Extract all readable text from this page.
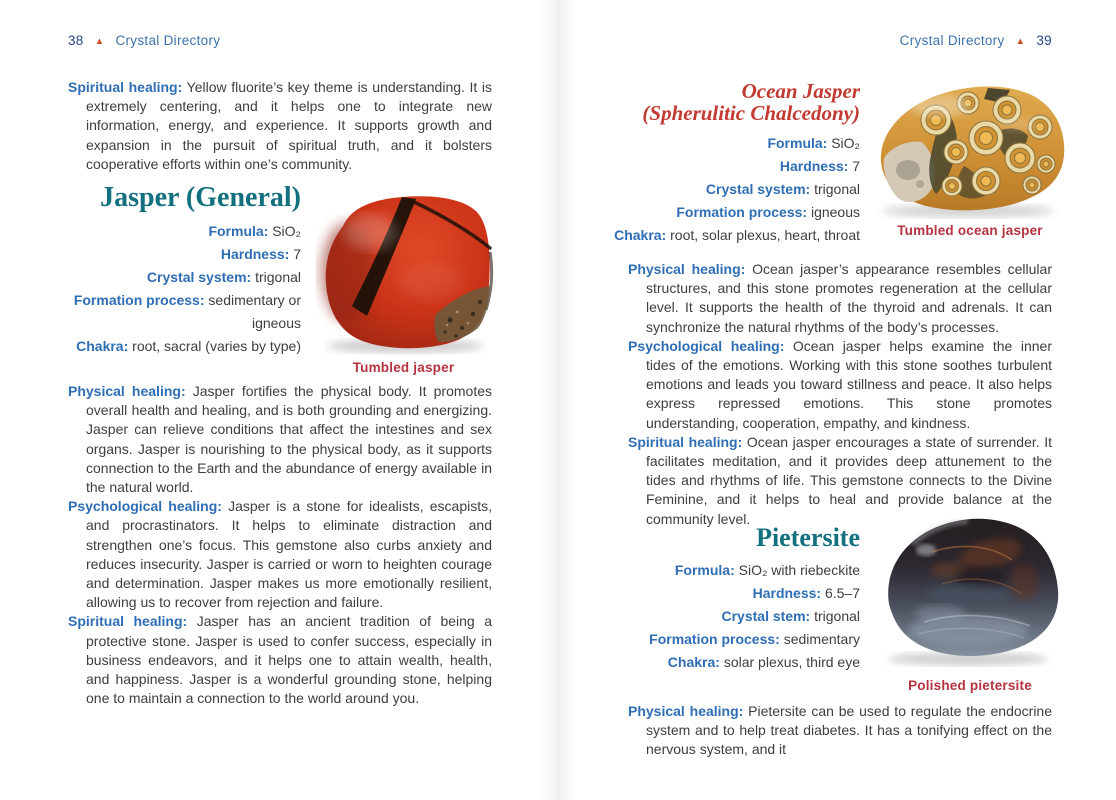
38 ▲ Crystal Directory

Spiritual healing: Yellow fluorite’s key theme is understanding. It is extremely centering, and it helps one to integrate new information, energy, and experience. It supports growth and expansion in the pursuit of spiritual truth, and it bolsters cooperative efforts within one’s community.

Jasper (General)
Formula: SiO₂
Hardness: 7
Crystal system: trigonal
Formation process: sedimentary or
igneous
Chakra: root, sacral (varies by type)
Tumbled jasper

Physical healing: Jasper fortifies the physical body. It promotes overall health and healing, and is both grounding and energizing. Jasper can relieve conditions that affect the intestines and sex organs. Jasper is nourishing to the physical body, as it supports connection to the Earth and the abundance of energy available in the natural world.

Psychological healing: Jasper is a stone for idealists, escapists, and procrastinators. It helps to eliminate distraction and strengthen one’s focus. This gemstone also curbs anxiety and reduces insecurity. Jasper is carried or worn to heighten courage and determination. Jasper makes us more emotionally resilient, allowing us to recover from rejection and failure.

Spiritual healing: Jasper has an ancient tradition of being a protective stone. Jasper is used to confer success, especially in business endeavors, and it helps one to attain wealth, health, and happiness. Jasper is a wonderful grounding stone, helping one to maintain a connection to the world around you.

Crystal Directory ▲ 39
Ocean Jasper
(Spherulitic Chalcedony)
Formula: SiO₂
Hardness: 7
Crystal system: trigonal
Formation process: igneous
Chakra: root, solar plexus, heart, throat	Tumbled ocean jasper

Physical healing: Ocean jasper’s appearance resembles cellular structures, and this stone promotes regeneration at the cellular level. It supports the health of the thyroid and adrenals. It can synchronize the natural rhythms of the body’s processes.

Psychological healing: Ocean jasper helps examine the inner tides of the emotions. Working with this stone soothes turbulent emotions and leads you toward stillness and peace. It also helps express repressed emotions. This stone promotes understanding, cooperation, empathy, and kindness.

Spiritual healing: Ocean jasper encourages a state of surrender. It facilitates meditation, and it provides deep attunement to the tides and rhythms of life. This gemstone connects to the Divine Feminine, and it helps to heal and provide balance at the community level.

Pietersite
Formula: SiO₂ with riebeckite
Hardness: 6.5–7
Crystal stem: trigonal
Formation process: sedimentary
Chakra: solar plexus, third eye
Polished pietersite

Physical healing: Pietersite can be used to regulate the endocrine system and to help treat diabetes. It has a tonifying effect on the nervous system, and it
